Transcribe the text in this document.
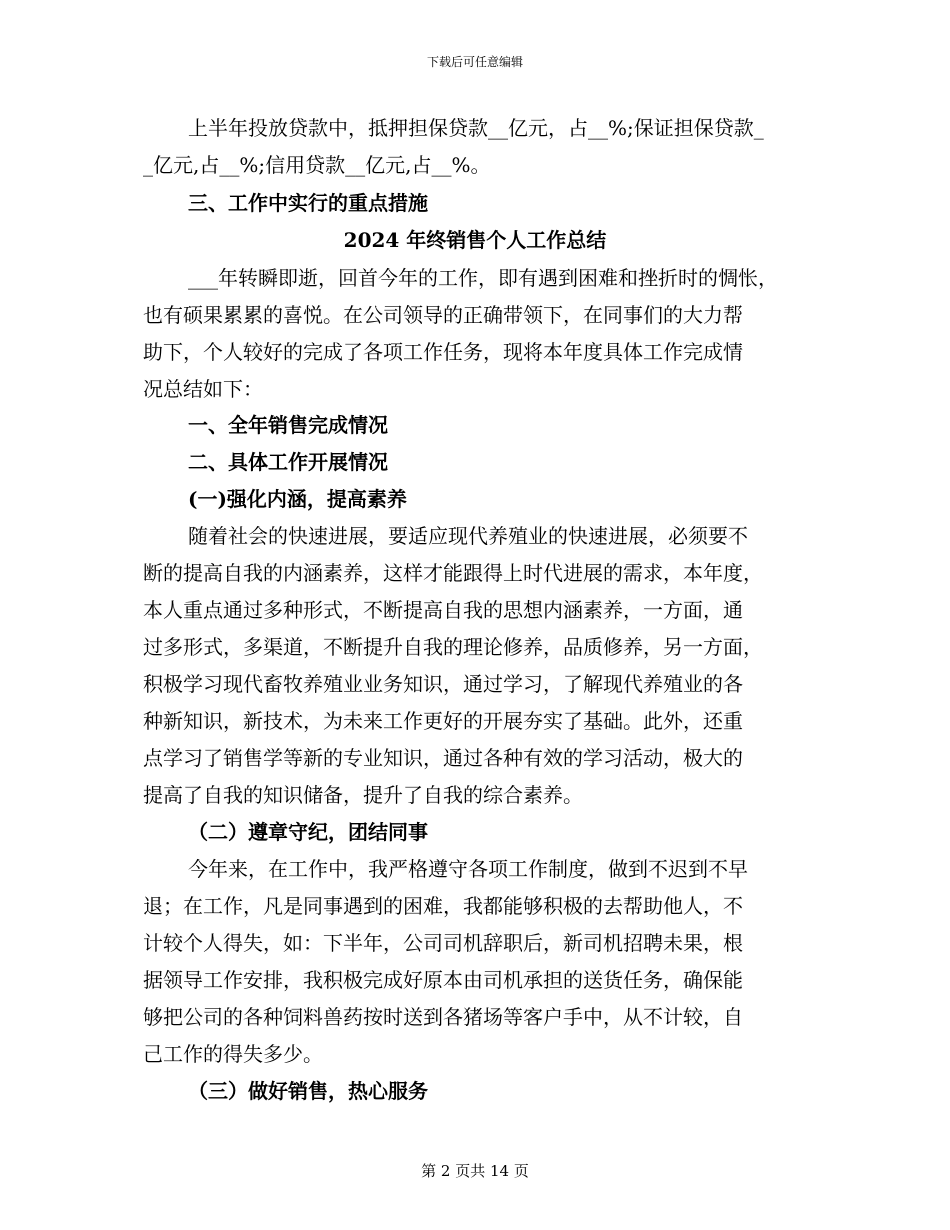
下载后可任意编辑
上半年投放贷款中，抵押担保贷款__亿元，占__%;保证担保贷款_
_亿元,占__%;信用贷款__亿元,占__%。
三、工作中实行的重点措施
2024 年终销售个人工作总结
___年转瞬即逝，回首今年的工作，即有遇到困难和挫折时的惆怅，
也有硕果累累的喜悦。在公司领导的正确带领下，在同事们的大力帮
助下，个人较好的完成了各项工作任务，现将本年度具体工作完成情
况总结如下：
一、全年销售完成情况
二、具体工作开展情况
(一)强化内涵，提高素养
随着社会的快速进展，要适应现代养殖业的快速进展，必须要不
断的提高自我的内涵素养，这样才能跟得上时代进展的需求，本年度，
本人重点通过多种形式，不断提高自我的思想内涵素养，一方面，通
过多形式，多渠道，不断提升自我的理论修养，品质修养，另一方面，
积极学习现代畜牧养殖业业务知识，通过学习，了解现代养殖业的各
种新知识，新技术，为未来工作更好的开展夯实了基础。此外，还重
点学习了销售学等新的专业知识，通过各种有效的学习活动，极大的
提高了自我的知识储备，提升了自我的综合素养。
（二）遵章守纪，团结同事
今年来，在工作中，我严格遵守各项工作制度，做到不迟到不早
退；在工作，凡是同事遇到的困难，我都能够积极的去帮助他人，不
计较个人得失，如：下半年，公司司机辞职后，新司机招聘未果，根
据领导工作安排，我积极完成好原本由司机承担的送货任务，确保能
够把公司的各种饲料兽药按时送到各猪场等客户手中，从不计较，自
己工作的得失多少。
（三）做好销售，热心服务
第 2 页共 14 页
